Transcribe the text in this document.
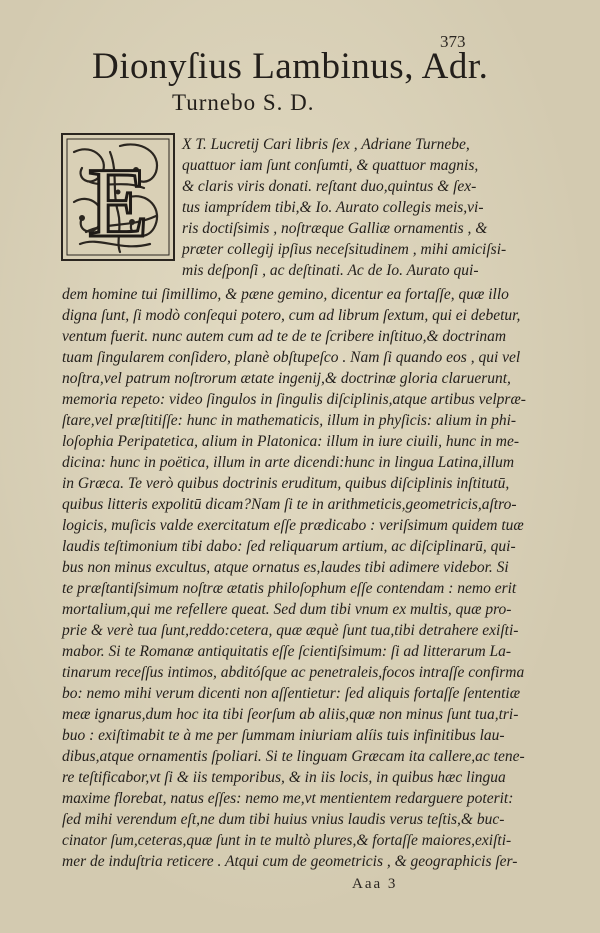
373
Dionyſius Lambinus, Adr.
Turnebo S. D.
E
X T. Lucretij Cari libris ſex , Adriane Turnebe,
quattuor iam ſunt conſumti, & quattuor magnis,
& claris viris donati. reſtant duo,quintus & ſex-
tus iamprídem tibi,& Io. Aurato collegis meis,vi-
ris doctiſsimis , noſtræque Galliæ ornamentis , &
præter collegij ipſius neceſsitudinem , mihi amiciſsi-
mis deſponſi , ac deſtinati. Ac de Io. Aurato qui-
dem homine tui ſimillimo, & pæne gemino, dicentur ea fortaſſe, quæ illo
digna ſunt, ſi modò conſequi potero, cum ad librum ſextum, qui ei debetur,
ventum fuerit. nunc autem cum ad te de te ſcribere inſtituo,& doctrinam
tuam ſingularem conſidero, planè obſtupeſco . Nam ſi quando eos , qui vel
noſtra,vel patrum noſtrorum ætate ingenij,& doctrinæ gloria claruerunt,
memoria repeto: video ſingulos in ſingulis diſciplinis,atque artibus velpræ-
ſtare,vel præſtitiſſe: hunc in mathematicis, illum in phyſicis: alium in phi-
loſophia Peripatetica, alium in Platonica: illum in iure ciuili, hunc in me-
dicina: hunc in poëtica, illum in arte dicendi:hunc in lingua Latina,illum
in Græca. Te verò quibus doctrinis eruditum, quibus diſciplinis inſtitutū,
quibus litteris expolitū dicam?Nam ſi te in arithmeticis,geometricis,aſtro-
logicis, muſicis valde exercitatum eſſe prædicabo : veriſsimum quidem tuæ
laudis teſtimonium tibi dabo: ſed reliquarum artium, ac diſciplinarū, qui-
bus non minus excultus, atque ornatus es,laudes tibi adimere videbor. Si
te præſtantiſsimum noſtræ ætatis philoſophum eſſe contendam : nemo erit
mortalium,qui me refellere queat. Sed dum tibi vnum ex multis, quæ pro-
prie & verè tua ſunt,reddo:cetera, quæ æquè ſunt tua,tibi detrahere exiſti-
mabor. Si te Romanæ antiquitatis eſſe ſcientiſsimum: ſi ad litterarum La-
tinarum receſſus intimos, abditóſque ac penetraleis,focos intraſſe confirma
bo: nemo mihi verum dicenti non aſſentietur: ſed aliquis fortaſſe ſententiæ
meæ ignarus,dum hoc ita tibi ſeorſum ab aliis,quæ non minus ſunt tua,tri-
buo : exiſtimabit te à me per ſummam iniuriam alíis tuis infinitibus lau-
dibus,atque ornamentis ſpoliari. Si te linguam Græcam ita callere,ac tene-
re teſtificabor,vt ſi & iis temporibus, & in iis locis, in quibus hæc lingua
maxime florebat, natus eſſes: nemo me,vt mentientem redarguere poterit:
ſed mihi verendum eſt,ne dum tibi huius vnius laudis verus teſtis,& buc-
cinator ſum,ceteras,quæ ſunt in te multò plures,& fortaſſe maiores,exiſti-
mer de induſtria reticere . Atqui cum de geometricis , & geographicis ſer-
Aaa 3
